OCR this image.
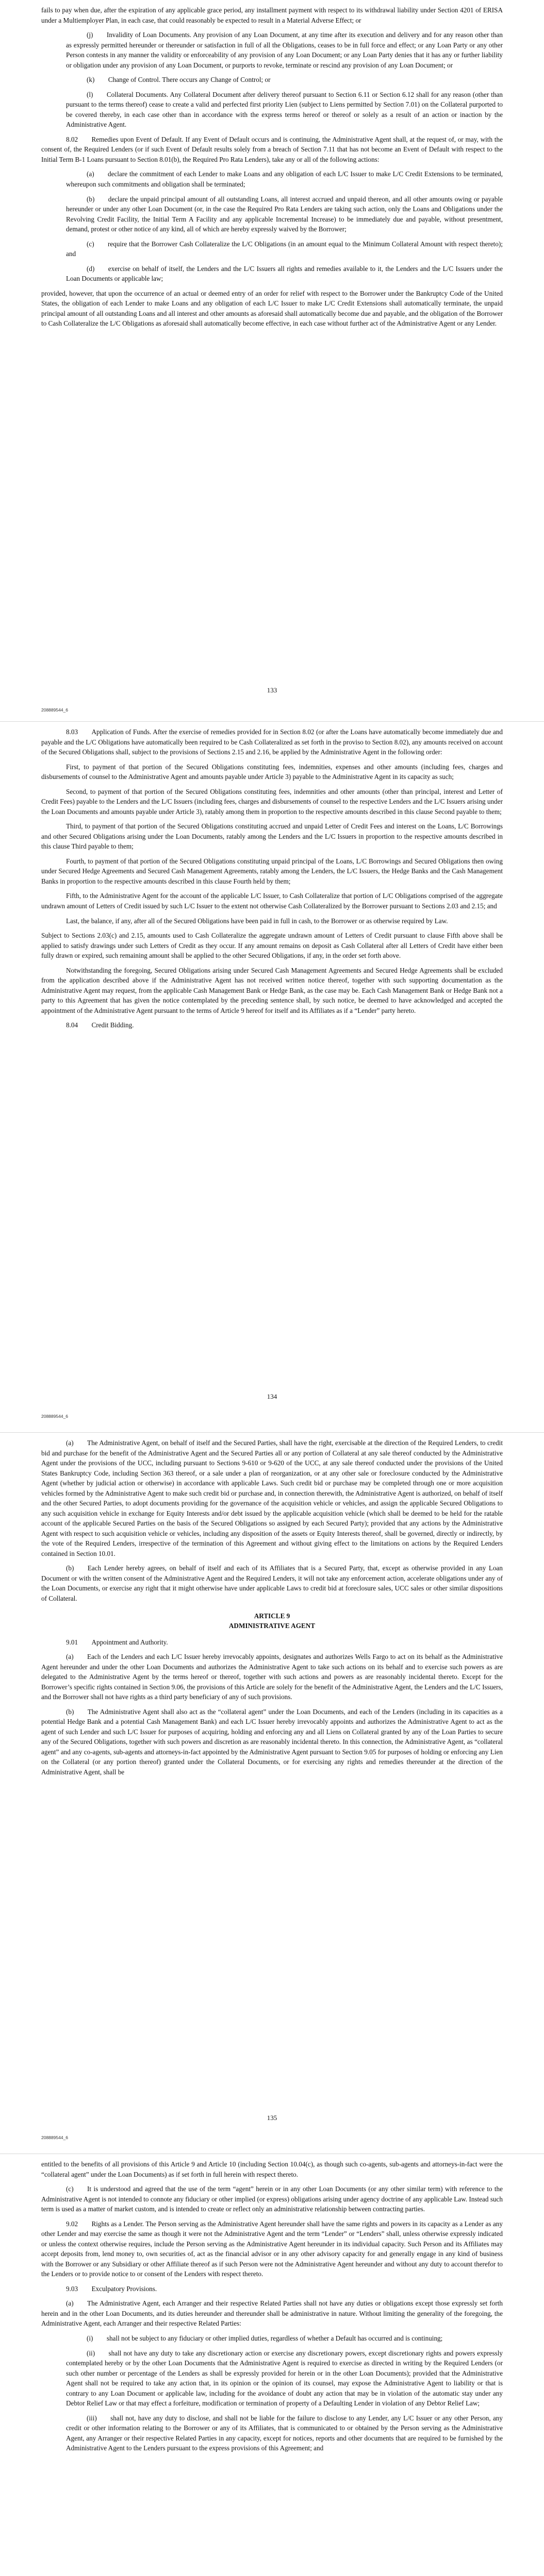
fails to pay when due, after the expiration of any applicable grace period, any installment payment with respect to its withdrawal liability under Section 4201 of ERISA under a Multiemployer Plan, in each case, that could reasonably be expected to result in a Material Adverse Effect; or

(j)  Invalidity of Loan Documents. Any provision of any Loan Document, at any time after its execution and delivery and for any reason other than as expressly permitted hereunder or thereunder or satisfaction in full of all the Obligations, ceases to be in full force and effect; or any Loan Party or any other Person contests in any manner the validity or enforceability of any provision of any Loan Document; or any Loan Party denies that it has any or further liability or obligation under any provision of any Loan Document, or purports to revoke, terminate or rescind any provision of any Loan Document; or

(k)  Change of Control. There occurs any Change of Control; or

(l)  Collateral Documents. Any Collateral Document after delivery thereof pursuant to Section 6.11 or Section 6.12 shall for any reason (other than pursuant to the terms thereof) cease to create a valid and perfected first priority Lien (subject to Liens permitted by Section 7.01) on the Collateral purported to be covered thereby, in each case other than in accordance with the express terms hereof or thereof or solely as a result of an action or inaction by the Administrative Agent.

8.02  Remedies upon Event of Default. If any Event of Default occurs and is continuing, the Administrative Agent shall, at the request of, or may, with the consent of, the Required Lenders (or if such Event of Default results solely from a breach of Section 7.11 that has not become an Event of Default with respect to the Initial Term B-1 Loans pursuant to Section 8.01(b), the Required Pro Rata Lenders), take any or all of the following actions:

(a)  declare the commitment of each Lender to make Loans and any obligation of each L/C Issuer to make L/C Credit Extensions to be terminated, whereupon such commitments and obligation shall be terminated;

(b)  declare the unpaid principal amount of all outstanding Loans, all interest accrued and unpaid thereon, and all other amounts owing or payable hereunder or under any other Loan Document (or, in the case the Required Pro Rata Lenders are taking such action, only the Loans and Obligations under the Revolving Credit Facility, the Initial Term A Facility and any applicable Incremental Increase) to be immediately due and payable, without presentment, demand, protest or other notice of any kind, all of which are hereby expressly waived by the Borrower;

(c)  require that the Borrower Cash Collateralize the L/C Obligations (in an amount equal to the Minimum Collateral Amount with respect thereto); and

(d)  exercise on behalf of itself, the Lenders and the L/C Issuers all rights and remedies available to it, the Lenders and the L/C Issuers under the Loan Documents or applicable law;

provided, however, that upon the occurrence of an actual or deemed entry of an order for relief with respect to the Borrower under the Bankruptcy Code of the United States, the obligation of each Lender to make Loans and any obligation of each L/C Issuer to make L/C Credit Extensions shall automatically terminate, the unpaid principal amount of all outstanding Loans and all interest and other amounts as aforesaid shall automatically become due and payable, and the obligation of the Borrower to Cash Collateralize the L/C Obligations as aforesaid shall automatically become effective, in each case without further act of the Administrative Agent or any Lender.

133
208889544_6

8.03  Application of Funds. After the exercise of remedies provided for in Section 8.02 (or after the Loans have automatically become immediately due and payable and the L/C Obligations have automatically been required to be Cash Collateralized as set forth in the proviso to Section 8.02), any amounts received on account of the Secured Obligations shall, subject to the provisions of Sections 2.15 and 2.16, be applied by the Administrative Agent in the following order:

First, to payment of that portion of the Secured Obligations constituting fees, indemnities, expenses and other amounts (including fees, charges and disbursements of counsel to the Administrative Agent and amounts payable under Article 3) payable to the Administrative Agent in its capacity as such;

Second, to payment of that portion of the Secured Obligations constituting fees, indemnities and other amounts (other than principal, interest and Letter of Credit Fees) payable to the Lenders and the L/C Issuers (including fees, charges and disbursements of counsel to the respective Lenders and the L/C Issuers arising under the Loan Documents and amounts payable under Article 3), ratably among them in proportion to the respective amounts described in this clause Second payable to them;

Third, to payment of that portion of the Secured Obligations constituting accrued and unpaid Letter of Credit Fees and interest on the Loans, L/C Borrowings and other Secured Obligations arising under the Loan Documents, ratably among the Lenders and the L/C Issuers in proportion to the respective amounts described in this clause Third payable to them;

Fourth, to payment of that portion of the Secured Obligations constituting unpaid principal of the Loans, L/C Borrowings and Secured Obligations then owing under Secured Hedge Agreements and Secured Cash Management Agreements, ratably among the Lenders, the L/C Issuers, the Hedge Banks and the Cash Management Banks in proportion to the respective amounts described in this clause Fourth held by them;

Fifth, to the Administrative Agent for the account of the applicable L/C Issuer, to Cash Collateralize that portion of L/C Obligations comprised of the aggregate undrawn amount of Letters of Credit issued by such L/C Issuer to the extent not otherwise Cash Collateralized by the Borrower pursuant to Sections 2.03 and 2.15; and

Last, the balance, if any, after all of the Secured Obligations have been paid in full in cash, to the Borrower or as otherwise required by Law.

Subject to Sections 2.03(c) and 2.15, amounts used to Cash Collateralize the aggregate undrawn amount of Letters of Credit pursuant to clause Fifth above shall be applied to satisfy drawings under such Letters of Credit as they occur. If any amount remains on deposit as Cash Collateral after all Letters of Credit have either been fully drawn or expired, such remaining amount shall be applied to the other Secured Obligations, if any, in the order set forth above.

Notwithstanding the foregoing, Secured Obligations arising under Secured Cash Management Agreements and Secured Hedge Agreements shall be excluded from the application described above if the Administrative Agent has not received written notice thereof, together with such supporting documentation as the Administrative Agent may request, from the applicable Cash Management Bank or Hedge Bank, as the case may be. Each Cash Management Bank or Hedge Bank not a party to this Agreement that has given the notice contemplated by the preceding sentence shall, by such notice, be deemed to have acknowledged and accepted the appointment of the Administrative Agent pursuant to the terms of Article 9 hereof for itself and its Affiliates as if a “Lender” party hereto.

8.04  Credit Bidding.

134
208889544_6

(a)  The Administrative Agent, on behalf of itself and the Secured Parties, shall have the right, exercisable at the direction of the Required Lenders, to credit bid and purchase for the benefit of the Administrative Agent and the Secured Parties all or any portion of Collateral at any sale thereof conducted by the Administrative Agent under the provisions of the UCC, including pursuant to Sections 9-610 or 9-620 of the UCC, at any sale thereof conducted under the provisions of the United States Bankruptcy Code, including Section 363 thereof, or a sale under a plan of reorganization, or at any other sale or foreclosure conducted by the Administrative Agent (whether by judicial action or otherwise) in accordance with applicable Laws. Such credit bid or purchase may be completed through one or more acquisition vehicles formed by the Administrative Agent to make such credit bid or purchase and, in connection therewith, the Administrative Agent is authorized, on behalf of itself and the other Secured Parties, to adopt documents providing for the governance of the acquisition vehicle or vehicles, and assign the applicable Secured Obligations to any such acquisition vehicle in exchange for Equity Interests and/or debt issued by the applicable acquisition vehicle (which shall be deemed to be held for the ratable account of the applicable Secured Parties on the basis of the Secured Obligations so assigned by each Secured Party); provided that any actions by the Administrative Agent with respect to such acquisition vehicle or vehicles, including any disposition of the assets or Equity Interests thereof, shall be governed, directly or indirectly, by the vote of the Required Lenders, irrespective of the termination of this Agreement and without giving effect to the limitations on actions by the Required Lenders contained in Section 10.01.

(b)  Each Lender hereby agrees, on behalf of itself and each of its Affiliates that is a Secured Party, that, except as otherwise provided in any Loan Document or with the written consent of the Administrative Agent and the Required Lenders, it will not take any enforcement action, accelerate obligations under any of the Loan Documents, or exercise any right that it might otherwise have under applicable Laws to credit bid at foreclosure sales, UCC sales or other similar dispositions of Collateral.

ARTICLE 9

ADMINISTRATIVE AGENT

9.01  Appointment and Authority.

(a)  Each of the Lenders and each L/C Issuer hereby irrevocably appoints, designates and authorizes Wells Fargo to act on its behalf as the Administrative Agent hereunder and under the other Loan Documents and authorizes the Administrative Agent to take such actions on its behalf and to exercise such powers as are delegated to the Administrative Agent by the terms hereof or thereof, together with such actions and powers as are reasonably incidental thereto. Except for the Borrower’s specific rights contained in Section 9.06, the provisions of this Article are solely for the benefit of the Administrative Agent, the Lenders and the L/C Issuers, and the Borrower shall not have rights as a third party beneficiary of any of such provisions.

(b)  The Administrative Agent shall also act as the “collateral agent” under the Loan Documents, and each of the Lenders (including in its capacities as a potential Hedge Bank and a potential Cash Management Bank) and each L/C Issuer hereby irrevocably appoints and authorizes the Administrative Agent to act as the agent of such Lender and such L/C Issuer for purposes of acquiring, holding and enforcing any and all Liens on Collateral granted by any of the Loan Parties to secure any of the Secured Obligations, together with such powers and discretion as are reasonably incidental thereto. In this connection, the Administrative Agent, as “collateral agent” and any co-agents, sub-agents and attorneys-in-fact appointed by the Administrative Agent pursuant to Section 9.05 for purposes of holding or enforcing any Lien on the Collateral (or any portion thereof) granted under the Collateral Documents, or for exercising any rights and remedies thereunder at the direction of the Administrative Agent, shall be

135
208889544_6

entitled to the benefits of all provisions of this Article 9 and Article 10 (including Section 10.04(c), as though such co-agents, sub-agents and attorneys-in-fact were the “collateral agent” under the Loan Documents) as if set forth in full herein with respect thereto.

(c)  It is understood and agreed that the use of the term “agent” herein or in any other Loan Documents (or any other similar term) with reference to the Administrative Agent is not intended to connote any fiduciary or other implied (or express) obligations arising under agency doctrine of any applicable Law. Instead such term is used as a matter of market custom, and is intended to create or reflect only an administrative relationship between contracting parties.

9.02  Rights as a Lender. The Person serving as the Administrative Agent hereunder shall have the same rights and powers in its capacity as a Lender as any other Lender and may exercise the same as though it were not the Administrative Agent and the term “Lender” or “Lenders” shall, unless otherwise expressly indicated or unless the context otherwise requires, include the Person serving as the Administrative Agent hereunder in its individual capacity. Such Person and its Affiliates may accept deposits from, lend money to, own securities of, act as the financial advisor or in any other advisory capacity for and generally engage in any kind of business with the Borrower or any Subsidiary or other Affiliate thereof as if such Person were not the Administrative Agent hereunder and without any duty to account therefor to the Lenders or to provide notice to or consent of the Lenders with respect thereto.

9.03  Exculpatory Provisions.

(a)  The Administrative Agent, each Arranger and their respective Related Parties shall not have any duties or obligations except those expressly set forth herein and in the other Loan Documents, and its duties hereunder and thereunder shall be administrative in nature. Without limiting the generality of the foregoing, the Administrative Agent, each Arranger and their respective Related Parties:

(i)  shall not be subject to any fiduciary or other implied duties, regardless of whether a Default has occurred and is continuing;

(ii)  shall not have any duty to take any discretionary action or exercise any discretionary powers, except discretionary rights and powers expressly contemplated hereby or by the other Loan Documents that the Administrative Agent is required to exercise as directed in writing by the Required Lenders (or such other number or percentage of the Lenders as shall be expressly provided for herein or in the other Loan Documents); provided that the Administrative Agent shall not be required to take any action that, in its opinion or the opinion of its counsel, may expose the Administrative Agent to liability or that is contrary to any Loan Document or applicable law, including for the avoidance of doubt any action that may be in violation of the automatic stay under any Debtor Relief Law or that may effect a forfeiture, modification or termination of property of a Defaulting Lender in violation of any Debtor Relief Law;

(iii)  shall not, have any duty to disclose, and shall not be liable for the failure to disclose to any Lender, any L/C Issuer or any other Person, any credit or other information relating to the Borrower or any of its Affiliates, that is communicated to or obtained by the Person serving as the Administrative Agent, any Arranger or their respective Related Parties in any capacity, except for notices, reports and other documents that are required to be furnished by the Administrative Agent to the Lenders pursuant to the express provisions of this Agreement; and
